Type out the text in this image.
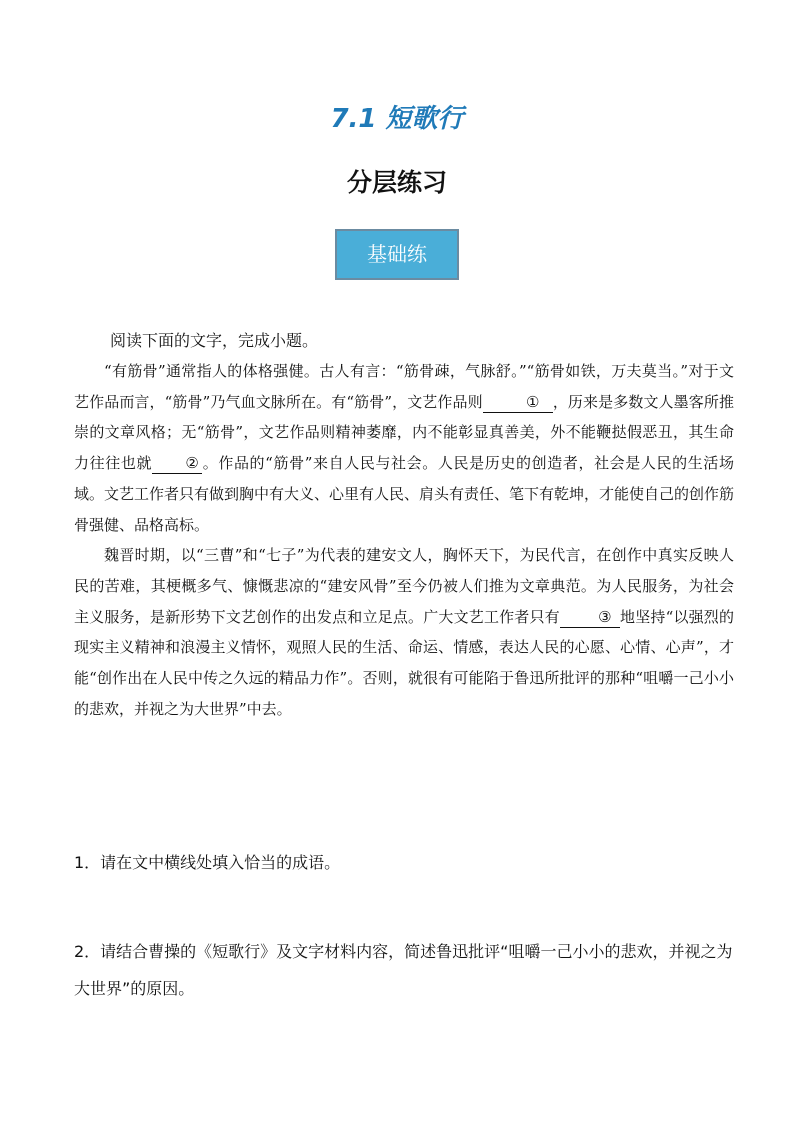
7.1 短歌行
分层练习
基础练
阅读下面的文字，完成小题。

“有筋骨”通常指人的体格强健。古人有言：“筋骨疎，气脉舒。”“筋骨如铁，万夫莫当。”对于文艺作品而言，“筋骨”乃气血文脉所在。有“筋骨”，文艺作品则	① ，历来是多数文人墨客所推崇的文章风格；无“筋骨”，文艺作品则精神萎靡，内不能彰显真善美，外不能鞭挞假恶丑，其生命力往往也就 ② 。作品的“筋骨”来自人民与社会。人民是历史的创造者，社会是人民的生活场域。文艺工作者只有做到胸中有大义、心里有人民、肩头有责任、笔下有乾坤，才能使自己的创作筋骨强健、品格高标。

魏晋时期，以“三曹”和“七子”为代表的建安文人，胸怀天下，为民代言，在创作中真实反映人民的苦难，其梗概多气、慷慨悲凉的“建安风骨”至今仍被人们推为文章典范。为人民服务，为社会主义服务，是新形势下文艺创作的出发点和立足点。广大文艺工作者只有	③ 地坚持“以强烈的现实主义精神和浪漫主义情怀，观照人民的生活、命运、情感，表达人民的心愿、心情、心声”，才能“创作出在人民中传之久远的精品力作”。否则，就很有可能陷于鲁迅所批评的那种“咀嚼一己小小的悲欢，并视之为大世界”中去。

1．请在文中横线处填入恰当的成语。
2．请结合曹操的《短歌行》及文字材料内容，简述鲁迅批评“咀嚼一己小小的悲欢，并视之为大世界”的原因。
